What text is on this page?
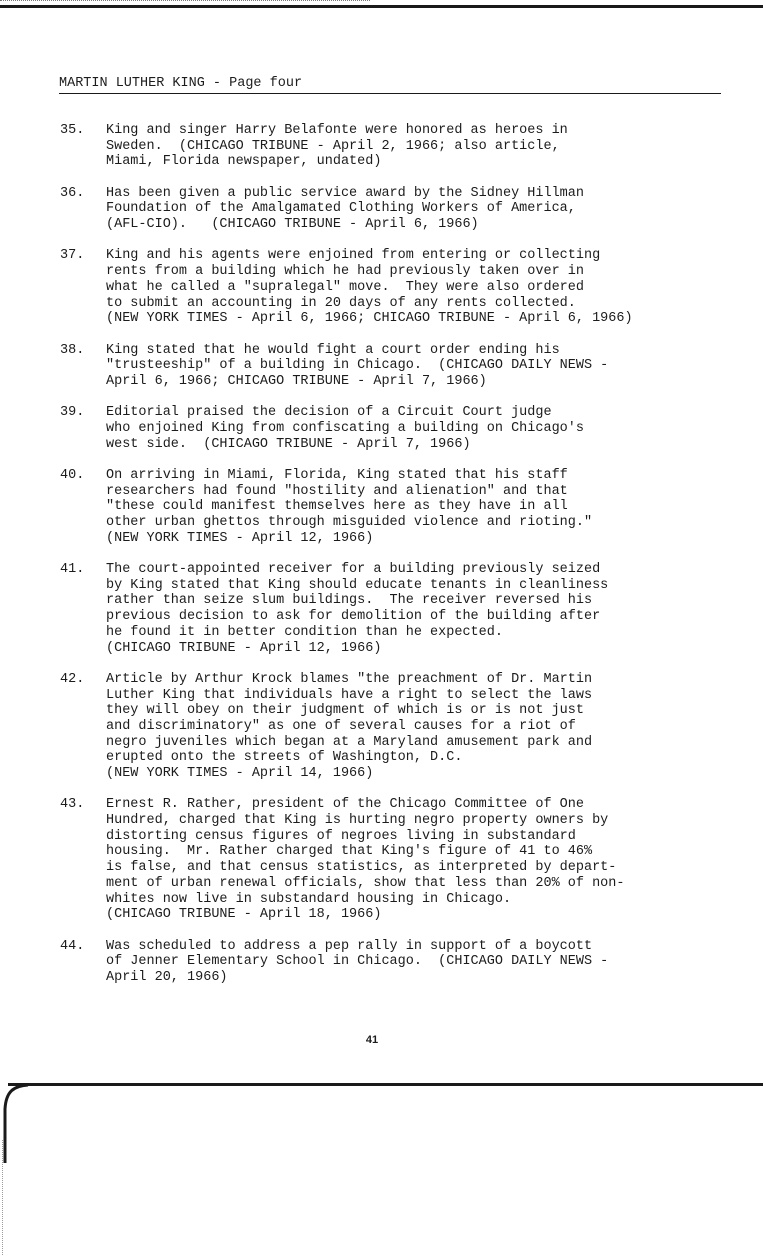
MARTIN LUTHER KING - Page four
35. King and singer Harry Belafonte were honored as heroes in
Sweden.  (CHICAGO TRIBUNE - April 2, 1966; also article,
Miami, Florida newspaper, undated)
36. Has been given a public service award by the Sidney Hillman
Foundation of the Amalgamated Clothing Workers of America,
(AFL-CIO).   (CHICAGO TRIBUNE - April 6, 1966)
37. King and his agents were enjoined from entering or collecting
rents from a building which he had previously taken over in
what he called a "supralegal" move.  They were also ordered
to submit an accounting in 20 days of any rents collected.
(NEW YORK TIMES - April 6, 1966; CHICAGO TRIBUNE - April 6, 1966)
38. King stated that he would fight a court order ending his
"trusteeship" of a building in Chicago.  (CHICAGO DAILY NEWS -
April 6, 1966; CHICAGO TRIBUNE - April 7, 1966)
39. Editorial praised the decision of a Circuit Court judge
who enjoined King from confiscating a building on Chicago's
west side.  (CHICAGO TRIBUNE - April 7, 1966)
40. On arriving in Miami, Florida, King stated that his staff
researchers had found "hostility and alienation" and that
"these could manifest themselves here as they have in all
other urban ghettos through misguided violence and rioting."
(NEW YORK TIMES - April 12, 1966)
41. The court-appointed receiver for a building previously seized
by King stated that King should educate tenants in cleanliness
rather than seize slum buildings.  The receiver reversed his
previous decision to ask for demolition of the building after
he found it in better condition than he expected.
(CHICAGO TRIBUNE - April 12, 1966)
42. Article by Arthur Krock blames "the preachment of Dr. Martin
Luther King that individuals have a right to select the laws
they will obey on their judgment of which is or is not just
and discriminatory" as one of several causes for a riot of
negro juveniles which began at a Maryland amusement park and
erupted onto the streets of Washington, D.C.
(NEW YORK TIMES - April 14, 1966)
43. Ernest R. Rather, president of the Chicago Committee of One
Hundred, charged that King is hurting negro property owners by
distorting census figures of negroes living in substandard
housing.  Mr. Rather charged that King's figure of 41 to 46%
is false, and that census statistics, as interpreted by depart-
ment of urban renewal officials, show that less than 20% of non-
whites now live in substandard housing in Chicago.
(CHICAGO TRIBUNE - April 18, 1966)
44. Was scheduled to address a pep rally in support of a boycott
of Jenner Elementary School in Chicago.  (CHICAGO DAILY NEWS -
April 20, 1966)
41
